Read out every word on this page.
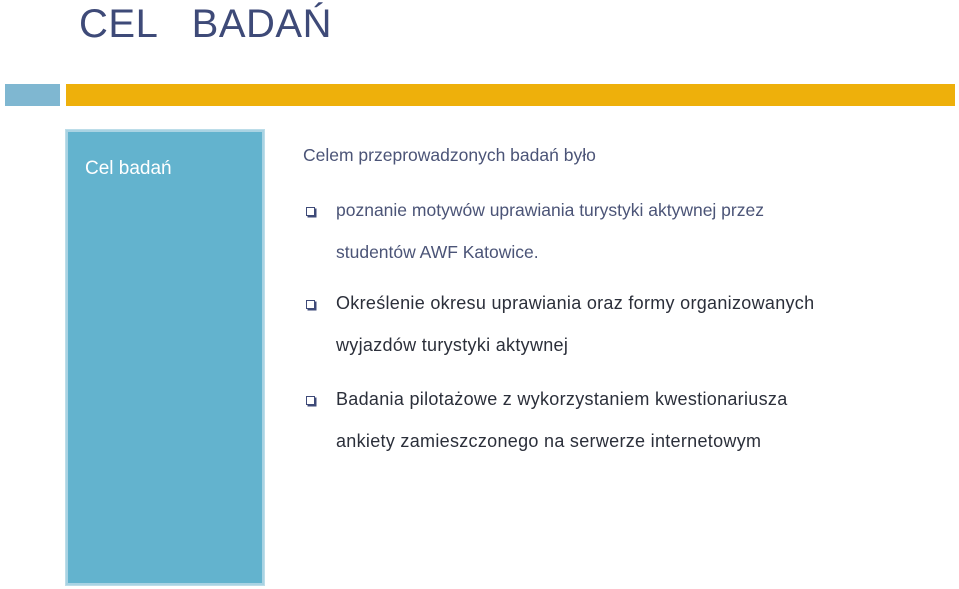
CEL   BADAŃ
Cel badań
Celem przeprowadzonych badań było
poznanie motywów uprawiania turystyki aktywnej przez
studentów AWF Katowice.
Określenie okresu uprawiania oraz formy organizowanych
wyjazdów turystyki aktywnej
Badania pilotażowe z wykorzystaniem kwestionariusza
ankiety zamieszczonego na serwerze internetowym
